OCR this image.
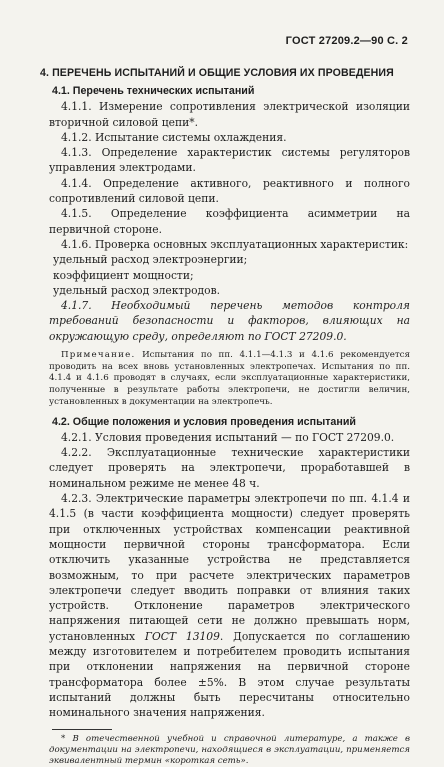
ГОСТ 27209.2—90 С. 2
4. ПЕРЕЧЕНЬ ИСПЫТАНИЙ И ОБЩИЕ УСЛОВИЯ ИХ ПРОВЕДЕНИЯ

4.1. Перечень технических испытаний

4.1.1. Измерение сопротивления электрической изоляции вторичной силовой цепи*.

4.1.2. Испытание системы охлаждения.

4.1.3. Определение характеристик системы регуляторов управления электродами.

4.1.4. Определение активного, реактивного и полного сопротивлений силовой цепи.

4.1.5. Определение коэффициента асимметрии на первичной стороне.

4.1.6. Проверка основных эксплуатационных характеристик:

удельный расход электроэнергии;

коэффициент мощности;

удельный расход электродов.

4.1.7. Необходимый перечень методов контроля требований безопасности и факторов, влияющих на окружающую среду, определяют по ГОСТ 27209.0.

Примечание. Испытания по пп. 4.1.1—4.1.3 и 4.1.6 рекомендуется проводить на всех вновь установленных электропечах. Испытания по пп. 4.1.4 и 4.1.6 проводят в случаях, если эксплуатационные характеристики, полученные в результате работы электропечи, не достигли величин, установленных в документации на электропечь.

4.2. Общие положения и условия проведения испытаний

4.2.1. Условия проведения испытаний — по ГОСТ 27209.0.

4.2.2. Эксплуатационные технические характеристики следует проверять на электропечи, проработавшей в номинальном режиме не менее 48 ч.

4.2.3. Электрические параметры электропечи по пп. 4.1.4 и 4.1.5 (в части коэффициента мощности) следует проверять при отключенных устройствах компенсации реактивной мощности первичной стороны трансформатора. Если отключить указанные устройства не представляется возможным, то при расчете электрических параметров электропечи следует вводить поправки от влияния таких устройств. Отклонение параметров электрического напряжения питающей сети не должно превышать норм, установленных ГОСТ 13109. Допускается по соглашению между изготовителем и потребителем проводить испытания при отклонении напряжения на первичной стороне трансформатора более ±5%. В этом случае результаты испытаний должны быть пересчитаны относительно номинального значения напряжения.

* В отечественной учебной и справочной литературе, а также в документации на электропечи, находящиеся в эксплуатации, применяется эквивалентный термин «короткая сеть».
